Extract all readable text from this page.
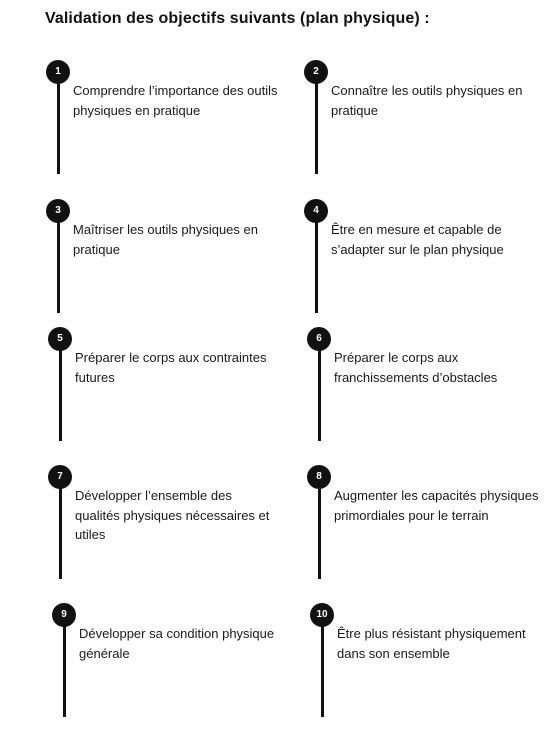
Validation des objectifs suivants (plan physique) :
1
Comprendre l’importance des outils physiques en pratique
2
Connaître les outils physiques en pratique
3
Maîtriser les outils physiques en pratique
4
Être en mesure et capable de s’adapter sur le plan physique
5
Préparer le corps aux contraintes futures
6
Préparer le corps aux franchissements d’obstacles
7
Développer l’ensemble des qualités physiques nécessaires et utiles
8
Augmenter les capacités physiques primordiales pour le terrain
9
Développer sa condition physique générale
10
Être plus résistant physiquement dans son ensemble
